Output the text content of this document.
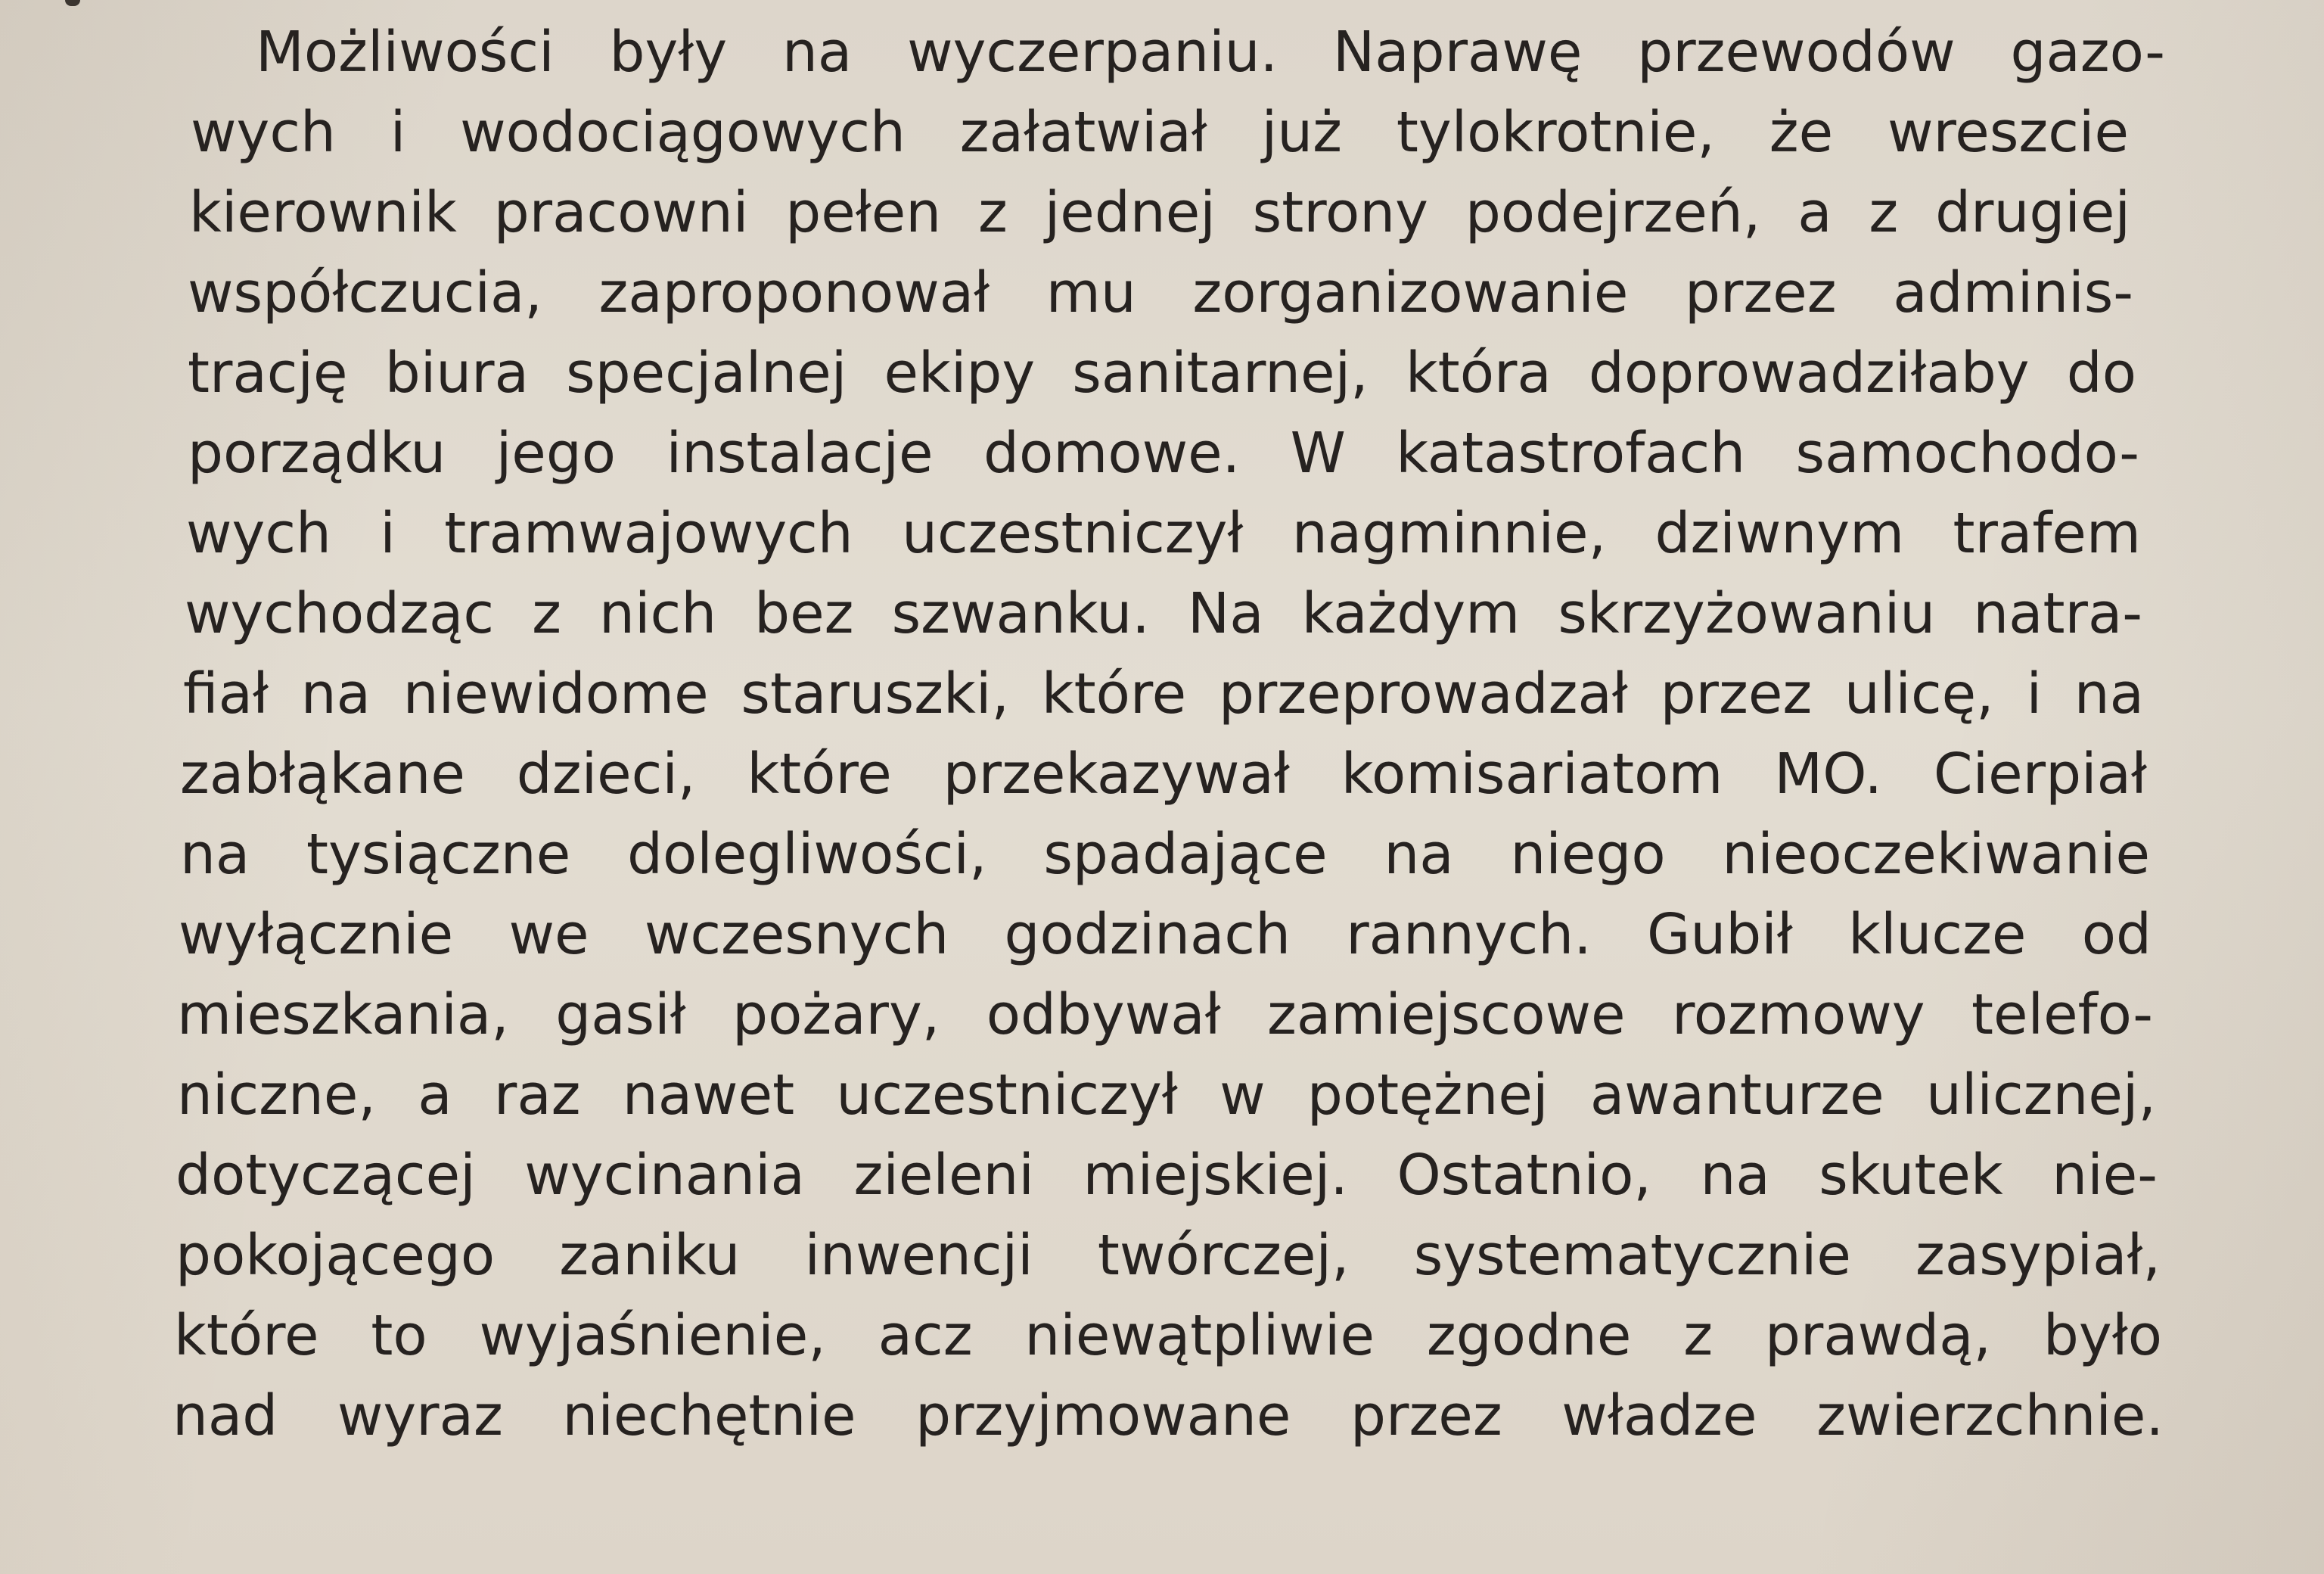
Możliwości były na wyczerpaniu. Naprawę przewodów gazo-

wych i wodociągowych załatwiał już tylokrotnie, że wreszcie

kierownik pracowni pełen z jednej strony podejrzeń, a z drugiej

współczucia, zaproponował mu zorganizowanie przez adminis-

trację biura specjalnej ekipy sanitarnej, która doprowadziłaby do

porządku jego instalacje domowe. W katastrofach samochodo-

wych i tramwajowych uczestniczył nagminnie, dziwnym trafem

wychodząc z nich bez szwanku. Na każdym skrzyżowaniu natra-

fiał na niewidome staruszki, które przeprowadzał przez ulicę, i na

zabłąkane dzieci, które przekazywał komisariatom MO. Cierpiał

na tysiączne dolegliwości, spadające na niego nieoczekiwanie

wyłącznie we wczesnych godzinach rannych. Gubił klucze od

mieszkania, gasił pożary, odbywał zamiejscowe rozmowy telefo-

niczne, a raz nawet uczestniczył w potężnej awanturze ulicznej,

dotyczącej wycinania zieleni miejskiej. Ostatnio, na skutek nie-

pokojącego zaniku inwencji twórczej, systematycznie zasypiał,

które to wyjaśnienie, acz niewątpliwie zgodne z prawdą, było

nad wyraz niechętnie przyjmowane przez władze zwierzchnie.
